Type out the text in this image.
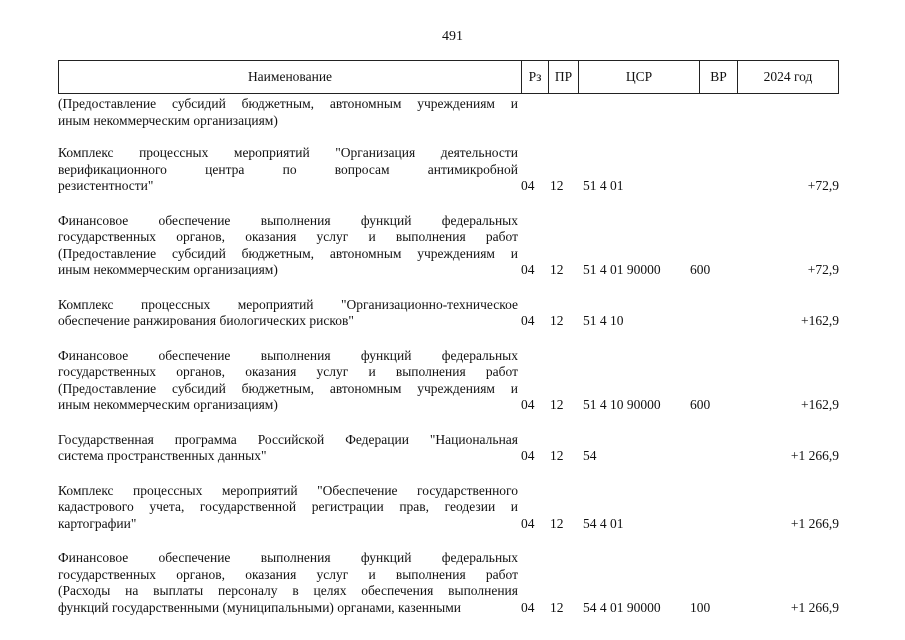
491
Наименование	Рз ПР	ЦСР	ВР	2024 год
(Предоставление субсидий бюджетным, автономным учреждениям и
иным некоммерческим организациям)
Комплекс процессных мероприятий "Организация деятельности
верификационного центра по вопросам антимикробной
резистентности"	04 12 51 4 01	+72,9
Финансовое обеспечение выполнения функций федеральных
государственных органов, оказания услуг и выполнения работ
(Предоставление субсидий бюджетным, автономным учреждениям и
иным некоммерческим организациям)	04 12 51 4 01 90000 600	+72,9
Комплекс процессных мероприятий "Организационно-техническое
обеспечение ранжирования биологических рисков"	04 12 51 4 10	+162,9
Финансовое обеспечение выполнения функций федеральных
государственных органов, оказания услуг и выполнения работ
(Предоставление субсидий бюджетным, автономным учреждениям и
иным некоммерческим организациям)	04 12 51 4 10 90000 600	+162,9
Государственная программа Российской Федерации "Национальная
система пространственных данных"	04 12 54	+1 266,9
Комплекс процессных мероприятий "Обеспечение государственного
кадастрового учета, государственной регистрации прав, геодезии и
картографии"	04 12 54 4 01	+1 266,9
Финансовое обеспечение выполнения функций федеральных
государственных органов, оказания услуг и выполнения работ
(Расходы на выплаты персоналу в целях обеспечения выполнения
функций государственными (муниципальными) органами, казенными	04 12 54 4 01 90000 100	+1 266,9
